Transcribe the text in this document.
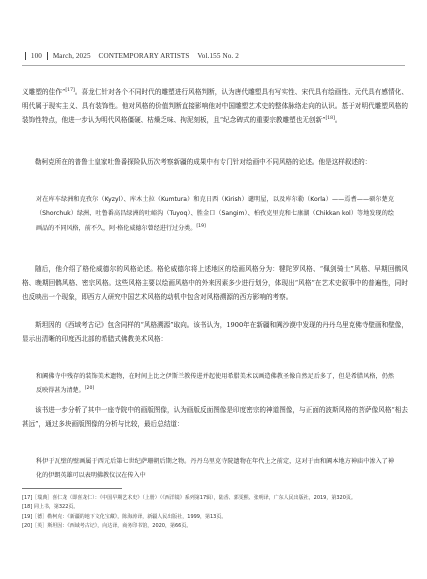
100 March, 2025 CONTEMPORARY ARTISTS Vol.155 No. 2

义雕塑的佳作”[17]。喜龙仁针对各个不同时代的雕塑进行风格判断，认为唐代雕塑具有写实性、宋代具有绘画性、元代具有感情化、明代属于现实主义、具有装饰性。他对风格的价值判断直接影响他对中国雕塑艺术史的整体脉络走向的认识。基于对明代雕塑风格的装饰性特点，他进一步认为明代风格僵硬、枯燥乏味、拘泥刻板，且“纪念碑式的重要宗教雕塑也无创新”[18]。

勒柯克所在的普鲁士皇家吐鲁番探险队历次考察新疆的成果中有专门针对绘画中不同风格的论述。他是这样叙述的：

对在库车绿洲和克孜尔（Kyzyl）、库木土拉（Kumtura）和克日西（Kirish）谴明屋，以及库尔勒（Korla）——焉耆——硕尔楚克（Shorchuk）绿洲、吐鲁番高昌绿洲的吐峪沟（Tuyoq）、胜金口（Sangim）、柏孜克里克和七康湖（Chikkan kol）等地发现的绘画品的不同风格，前不久，阿·格伦威德尔曾经进行过分类。[19]

随后，他介绍了格伦威德尔的风格论述。格伦威德尔将上述地区的绘画风格分为：犍陀罗风格、“佩剑骑士”风格、早期回鹘风格、晚期回鹘风格、密宗风格。这些风格主要以绘画风格中的外来因素多少进行划分，体现出“风格”在艺术史叙事中的普遍性，同时也反映出一个现象，即西方人研究中国艺术风格的动机中包含对风格溯源的西方影响的考察。

斯坦因的《西域考古记》包含同样的“风格溯源”取向。该书认为，1900年在新疆和阗沙漠中发现的丹丹乌里克佛寺壁画和壁像，显示出清晰的印度西北部的希腊式佛教美术风格：

和阗佛寺中残存的装饰美术遗物，在时间上比之伊斯兰教传进并起使用希腊美术以画造佛教圣像自然足后多了，但是希腊风格，仍然反映得甚为清楚。[20]

该书进一步分析了其中一座寺院中的画版图像，认为画版反面图像是印度密宗的神道图像，与正面的波斯风格的菩萨像风格“相去甚远”，通过多块画版图像的分析与比较，最后总结道：

科伊于瓦壁的壁画属于西元后第七世纪萨珊朝后期之物。丹丹乌里克寺院遗物在年代上之前定，这对于由和阗本地方神庙中渗入了神化的伊朗英雄可以表明佛教仪汉在传入中

[17]［瑞典］喜仁龙（即喜龙仁）：《中国早期艺术史》（上册）（《西洋镜》系列第17辑），陆香、郭雯熙、张明译，广东人民出版社，2019，第320页。

[18] 同上书，第322页。

[19]［德］勒柯克：《新疆的地下文化宝藏》，陈海涛译，新疆人民出版社，1999，第13页。

[20]［英］斯坦因：《西域考古记》，向达译，商务印书馆，2020，第66页。
